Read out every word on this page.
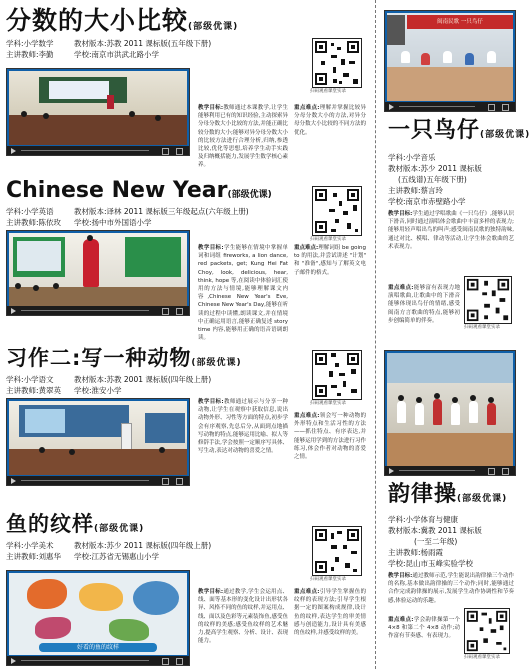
分数的大小比较(部级优课)
学科:小学数学	教材版本:苏教 2011 课标版(五年级下册)
主讲教师:李勤	学校:南京市洪武北路小学
扫码观看课堂实录
教学目标:教师通过本课教学,让学生能够利用已有的知识经验,主动探索异分母分数大小比较的方法,并能正确比较分数的大小;能够对异分母分数大小的比较方法进行合理分析,归纳,参透比较,优化等思想,培养学生动手实践及归纳概括能力,发展学生数学核心素养。
重点难点:理解并掌握比较异分母分数大小的方法,对异分母分数大小比较的不同方法的优化。
Chinese New Year(部级优课)
学科:小学英语	教材版本:译林 2011 课标版三年级起点(六年级上册)
主讲教师:陈依玫 学校:扬中市外国语小学
扫码观看课堂实录
教学目标:学生能够在情境中掌握单词和词组 fireworks, a lion dance, red packets, get; Kung Hei Fat Choy, look, delicious, hear, think, hope 等,在阅读中体验词汇使用的方法与情境,能够理解课文内容,Chinese New Year's Eve, Chinese New Year's Day,能够在听读的过程中读懂,朗读课文,并在情境中正确运用语言,能够正确复述 story time 内容,能够用正确的语音语调朗读。
重点难点:理解词组 be going to 的用法,并尝试讲述 "计划" 和 "准备",感知与了解英文电子邮件的格式。
习作二:写一种动物(部级优课)
学科:小学语文	教材版本:苏教 2001 课标版(四年级上册)
主讲教师:黄翠英 学校:淮安小学
扫码观看课堂实录
教学目标:教师通过展示与分享一种动物,让学生在观察中获取信息,说出动物外形、习性等方面的特点,初步学会有序观察,先总后分,从面到点地描写动物的特点,能够运用比喻、拟人等修辞手法,学会按照一定顺序写具体、写生动,表达对动物的喜爱之情。
重点难点:领会写一种动物的外形特点和生活习性的方法——抓住特点、有序表达,并能够运用学到的方法进行习作练习,体会作者对动物的喜爱之情。
鱼的纹样(部级优课)
学科:小学美术	教材版本:苏少 2011 课标版(四年级上册)
主讲教师:刘惠华 学校:江苏省无锡惠山小学
扫码观看课堂实录
好看的鱼的纹样
教学目标:通过教学,学生会运用点、线、面等基本形的变化设计出形状各异、风格不同的鱼的纹样,并运用点、线、面以及色彩等元素装饰鱼,感受鱼的纹样的美感;感受鱼纹样的艺术魅力,提高学生观察、分析、设计、表现能力。
重点难点:引导学生掌握鱼的纹样的表现方法;引导学生根据一定的图案构成规律,设计鱼的纹样,表达学生的审美情感与创造能力,设计具有美感的鱼纹样,并感受纹样的美。
闽南民歌 一只鸟仔
一只鸟仔(部级优课)
学科:小学音乐
教材版本:苏少 2011 课标版
(五线谱)五年级下册)
主讲教师:蔡言玲
学校:南京市赤壁路小学
教学目标:学生通过学唱歌曲《一只鸟仔》,能够认识下滑音,同时通过演唱体会歌曲中丰富多样的表现力;能够用轻声唱出鸟的叫声;感受闽南民歌的独特韵味,通过对比、模唱、律动等活动,让学生体会歌曲的艺术表现力。
重点难点:能够富有表现力地演唱歌曲,让歌曲中的下滑音能够体现出鸟仔的情绪,感受闽南方言歌曲的特点,能够初步创编简单的伴奏。
扫码观看课堂实录
韵律操(部级优课)
学科:小学体育与健康
教材版本:冀教 2011 课标版
(一至二年级)
主讲教师:杨雨霞
学校:昆山市玉峰实验学校
教学目标:通过教师示范,学生能说出韵律操三个动作的名称,基本做出韵律操的三个动作;同时,能够通过合作完成韵律操的展示,发展学生动作协调性和节奏感,体验运动的乐趣。
重点难点:学会韵律操第一个 4×8 和第二个 4×8 动作;动作富有节奏感、有表现力。
扫码观看课堂实录
